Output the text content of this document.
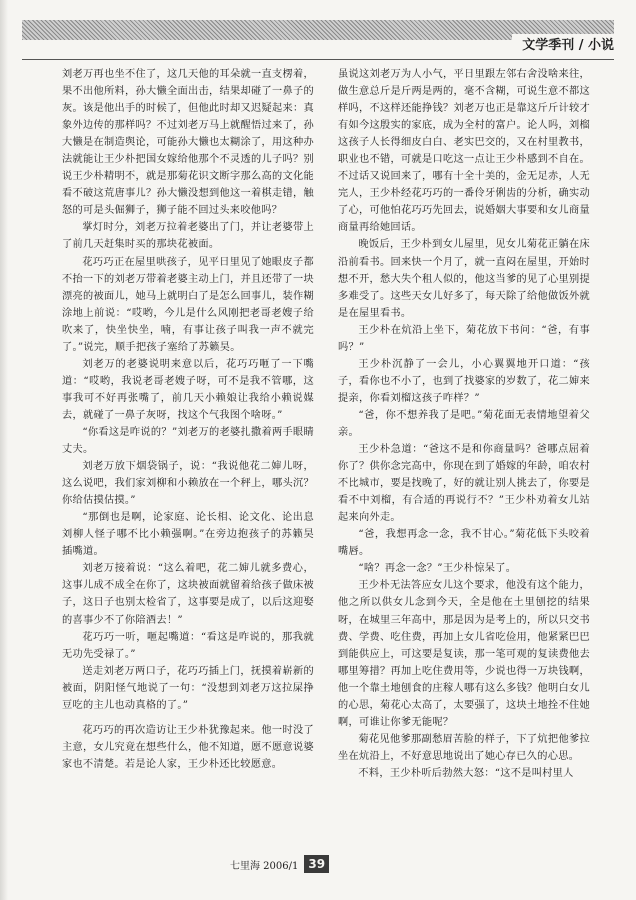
文学季刊 / 小说

刘老万再也坐不住了，这几天他的耳朵就一直支楞着，果不出他所料，孙大懒全面出击，结果却碰了一鼻子的灰。该是他出手的时候了，但他此时却又迟疑起来：真象外边传的那样吗？不过刘老万马上就醒悟过来了，孙大懒是在制造舆论，可能孙大懒也太糊涂了，用这种办法就能让王少朴把国女嫁给他那个不灵透的儿子吗？别说王少朴精明不，就是那菊花识文断字那么高的文化能看不破这荒唐事儿？孙大懒没想到他这一着棋走错，触怒的可是头倔狮子，狮子能不回过头来咬他吗？

掌灯时分，刘老万拉着老婆出了门，并让老婆带上了前几天赶集时买的那块花被面。

花巧巧正在屋里哄孩子，见平日里见了她眼皮子都不抬一下的刘老万带着老婆主动上门，并且还带了一块漂亮的被面儿，她马上就明白了是怎么回事儿，装作糊涂地上前说：“哎哟，今儿是什么风刚把老哥老嫂子给吹来了，快坐快坐，喃，有事让孩子叫我一声不就完了。”说完，顺手把孩子塞给了苏籁昊。

刘老万的老婆说明来意以后，花巧巧咂了一下嘴道：“哎哟，我说老哥老嫂子呀，可不是我不管哪，这事我可不好再张嘴了，前几天小赖娘让我给小赖说媒去，就碰了一鼻子灰呀，找这个气我图个啥呀。”

“你看这是咋说的？”刘老万的老婆扎撒着两手眼睛丈夫。

刘老万放下烟袋锅子，说：“我说他花二婶儿呀，这么说吧，我们家刘柳和小赖放在一个秤上，哪头沉？你给估摸估摸。”

“那倒也是啊，论家庭、论长相、论文化、论出息刘柳人怪子哪不比小赖强啊。”在旁边抱孩子的苏籁昊插嘴道。

刘老万接着说：“这么着吧，花二婶儿就多费心，这事儿成不成全在你了，这块被面就留着给孩子做床被子，这日子也别太检省了，这事要是成了，以后这迎娶的喜事少不了你陪酒去！”

花巧巧一听，咂起嘴道：“看这是咋说的，那我就无功先受禄了。”

送走刘老万两口子，花巧巧插上门，抚摸着崭新的被面，阴阳怪气地说了一句：“没想到刘老万这拉屎挣豆吃的主儿也动真格的了。”

花巧巧的再次造访让王少朴犹豫起来。他一时没了主意，女儿究竟在想些什么，他不知道，愿不愿意说婆家也不清楚。若是论人家，王少朴还比较愿意。

虽说这刘老万为人小气，平日里跟左邻右舍没啥来往，做生意总斤是斤两是两的，毫不含糊，可说生意不都这样吗，不这样还能挣钱？刘老万也正是靠这斤斤计较才有如今这殷实的家底，成为全村的富户。论人吗，刘榴这孩子人长得细皮白白、老实巴交的，又在村里教书，职业也不错，可就是口吃这一点让王少朴感到不自在。不过话又说回来了，哪有十全十美的，金无足赤，人无完人，王少朴经花巧巧的一番伶牙俐齿的分析，确实动了心，可他怕花巧巧先回去，说婚姻大事要和女儿商量商量再给她回话。

晚饭后，王少朴到女儿屋里，见女儿菊花正躺在床沿前看书。回来快一个月了，就一直闷在屋里，开始时想不开，愁大失个租人似的，他这当爹的见了心里别提多难受了。这些天女儿好多了，每天除了给他做饭外就是在屋里看书。

王少朴在炕沿上坐下，菊花放下书问：“爸，有事吗？”

王少朴沉静了一会儿，小心翼翼地开口道：“孩子，看你也不小了，也到了找婆家的岁数了，花二婶来提亲，你看刘榴这孩子咋样？”

“爸，你不想养我了是吧。”菊花面无表情地望着父亲。

王少朴急道：“爸这不是和你商量吗？爸哪点屈着你了？供你念完高中，你现在到了婚嫁的年龄，咱农村不比城市，要是找晚了，好的就让别人挑去了，你要是看不中刘榴，有合适的再说行不？”王少朴劝着女儿站起来向外走。

“爸，我想再念一念，我不甘心。”菊花低下头咬着嘴唇。

“啥？再念一念？”王少朴惊呆了。

王少朴无法答应女儿这个要求，他没有这个能力，他之所以供女儿念到今天，全是他在土里刨挖的结果呀，在城里三年高中，那是因为是考上的，所以只交书费、学费、吃住费，再加上女儿省吃俭用，他紧紧巴巴到能供应上，可这要是复读，那一笔可观的复读费他去哪里筹措？再加上吃住费用等，少说也得一万块钱啊，他一个靠土地刨食的庄稼人哪有这么多钱？他明白女儿的心思，菊花心太高了，太要强了，这块土地拴不住她啊，可谁让你爹无能呢？

菊花见他爹那副愁眉苦脸的样子，下了炕把他爹拉坐在炕沿上，不好意思地说出了她心存已久的心思。

不料，王少朴听后勃然大怒：“这不是叫村里人

七里海 2006/1 39
